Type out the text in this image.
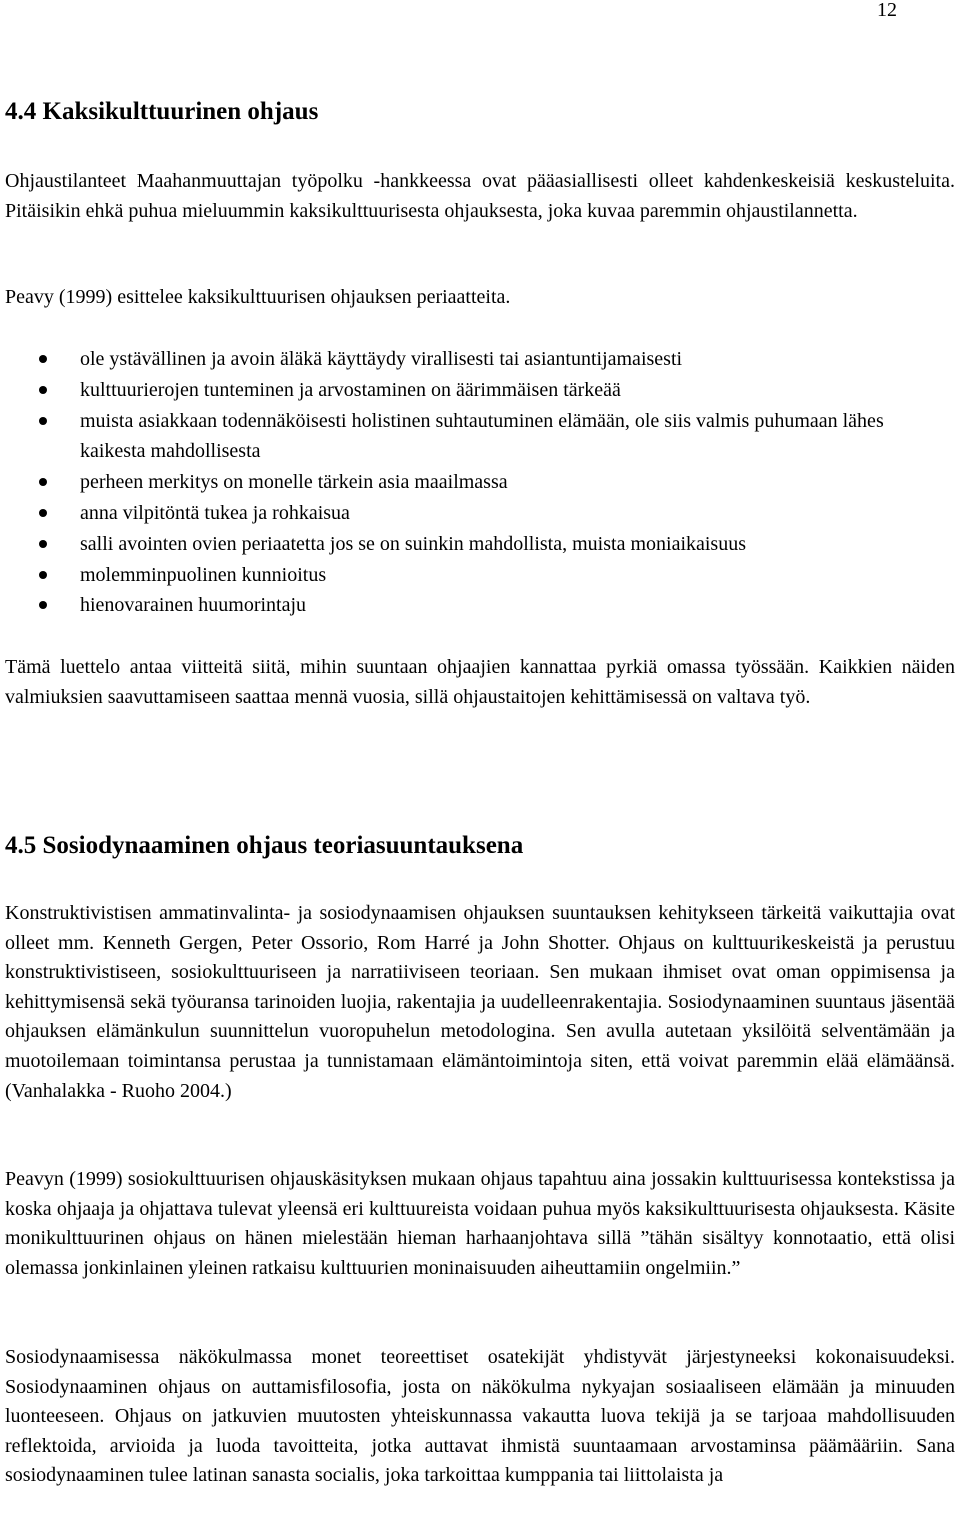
12
4.4 Kaksikulttuurinen ohjaus

Ohjaustilanteet Maahanmuuttajan työpolku -hankkeessa ovat pääasiallisesti olleet kahdenkeskeisiä keskusteluita. Pitäisikin ehkä puhua mieluummin kaksikulttuurisesta ohjauksesta, joka kuvaa paremmin ohjaustilannetta.

Peavy (1999) esittelee kaksikulttuurisen ohjauksen periaatteita.

ole ystävällinen ja avoin äläkä käyttäydy virallisesti tai asiantuntijamaisesti
kulttuurierojen tunteminen ja arvostaminen on äärimmäisen tärkeää
muista asiakkaan todennäköisesti holistinen suhtautuminen elämään, ole siis valmis puhumaan lähes kaikesta mahdollisesta
perheen merkitys on monelle tärkein asia maailmassa
anna vilpitöntä tukea ja rohkaisua
salli avointen ovien periaatetta jos se on suinkin mahdollista, muista moniaikaisuus
molemminpuolinen kunnioitus
hienovarainen huumorintaju

Tämä luettelo antaa viitteitä siitä, mihin suuntaan ohjaajien kannattaa pyrkiä omassa työssään. Kaikkien näiden valmiuksien saavuttamiseen saattaa mennä vuosia, sillä ohjaustaitojen kehittämisessä on valtava työ.

4.5 Sosiodynaaminen ohjaus teoriasuuntauksena

Konstruktivistisen ammatinvalinta- ja sosiodynaamisen ohjauksen suuntauksen kehitykseen tärkeitä vaikuttajia ovat olleet mm. Kenneth Gergen, Peter Ossorio, Rom Harré ja John Shotter. Ohjaus on kulttuurikeskeistä ja perustuu konstruktivistiseen, sosiokulttuuriseen ja narratiiviseen teoriaan. Sen mukaan ihmiset ovat oman oppimisensa ja kehittymisensä sekä työuransa tarinoiden luojia, rakentajia ja uudelleenrakentajia. Sosiodynaaminen suuntaus jäsentää ohjauksen elämänkulun suunnittelun vuoropuhelun metodologina. Sen avulla autetaan yksilöitä selventämään ja muotoilemaan toimintansa perustaa ja tunnistamaan elämäntoimintoja siten, että voivat paremmin elää elämäänsä. (Vanhalakka - Ruoho 2004.)

Peavyn (1999) sosiokulttuurisen ohjauskäsityksen mukaan ohjaus tapahtuu aina jossakin kulttuurisessa kontekstissa ja koska ohjaaja ja ohjattava tulevat yleensä eri kulttuureista voidaan puhua myös kaksikulttuurisesta ohjauksesta. Käsite monikulttuurinen ohjaus on hänen mielestään hieman harhaanjohtava sillä ”tähän sisältyy konnotaatio, että olisi olemassa jonkinlainen yleinen ratkaisu kulttuurien moninaisuuden aiheuttamiin ongelmiin.”

Sosiodynaamisessa näkökulmassa monet teoreettiset osatekijät yhdistyvät järjestyneeksi kokonaisuudeksi. Sosiodynaaminen ohjaus on auttamisfilosofia, josta on näkökulma nykyajan sosiaaliseen elämään ja minuuden luonteeseen. Ohjaus on jatkuvien muutosten yhteiskunnassa vakautta luova tekijä ja se tarjoaa mahdollisuuden reflektoida, arvioida ja luoda tavoitteita, jotka auttavat ihmistä suuntaamaan arvostaminsa päämääriin. Sana sosiodynaaminen tulee latinan sanasta socialis, joka tarkoittaa kumppania tai liittolaista ja
